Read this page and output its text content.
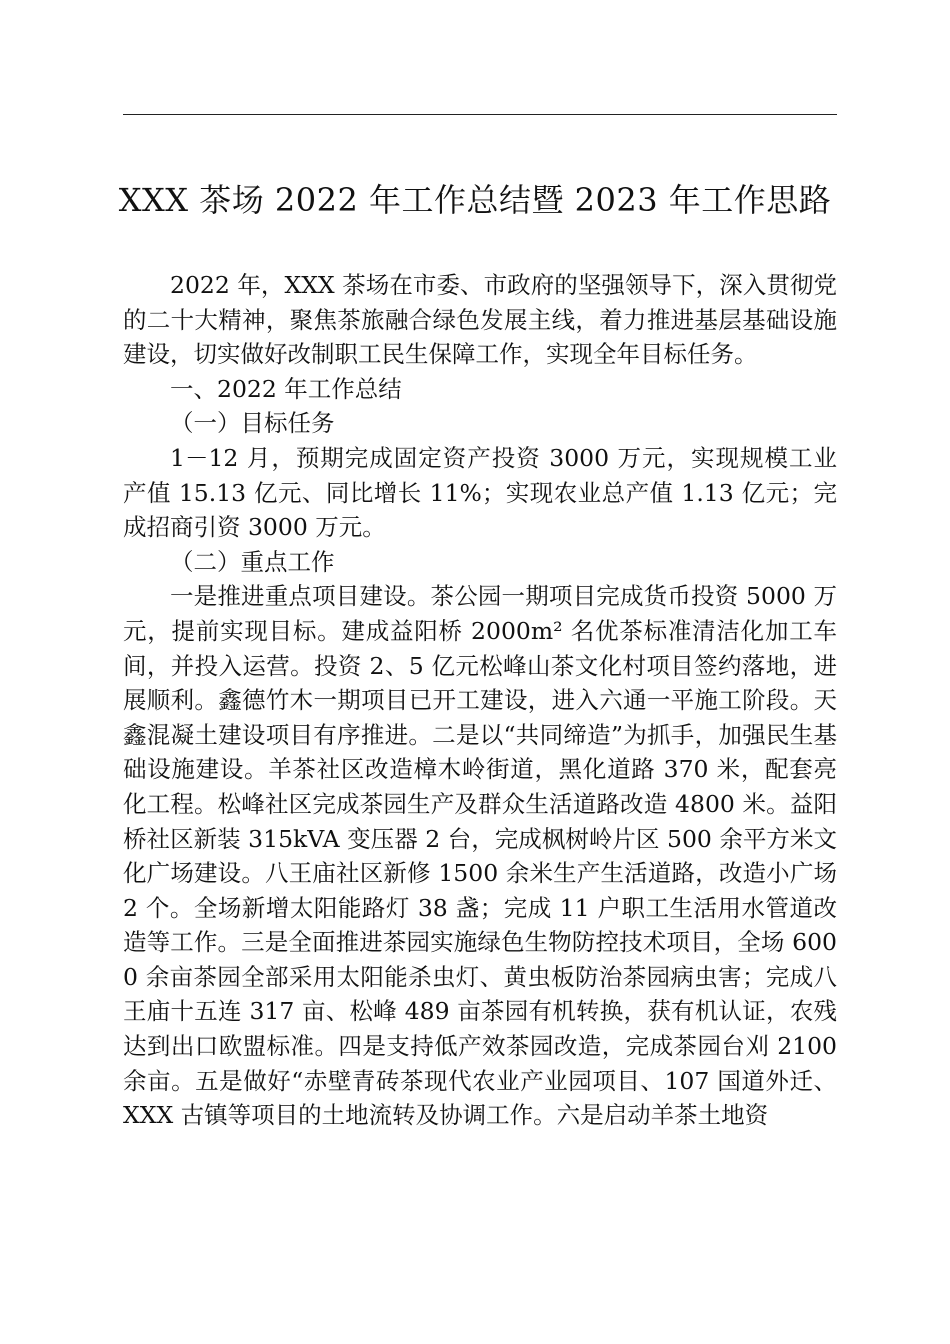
XXX 茶场 2022 年工作总结暨 2023 年工作思路

2022 年，XXX 茶场在市委、市政府的坚强领导下，深入贯彻党的二十大精神，聚焦茶旅融合绿色发展主线，着力推进基层基础设施建设，切实做好改制职工民生保障工作，实现全年目标任务。

一、2022 年工作总结

（一）目标任务

1－12 月，预期完成固定资产投资 3000 万元，实现规模工业产值 15.13 亿元、同比增长 11%；实现农业总产值 1.13 亿元；完成招商引资 3000 万元。

（二）重点工作

一是推进重点项目建设。茶公园一期项目完成货币投资 5000 万元，提前实现目标。建成益阳桥 2000m² 名优茶标准清洁化加工车间，并投入运营。投资 2、5 亿元松峰山茶文化村项目签约落地，进展顺利。鑫德竹木一期项目已开工建设，进入六通一平施工阶段。天鑫混凝土建设项目有序推进。二是以“共同缔造”为抓手，加强民生基础设施建设。羊茶社区改造樟木岭街道，黑化道路 370 米，配套亮化工程。松峰社区完成茶园生产及群众生活道路改造 4800 米。益阳桥社区新装 315kVA 变压器 2 台，完成枫树岭片区 500 余平方米文化广场建设。八王庙社区新修 1500 余米生产生活道路，改造小广场 2 个。全场新增太阳能路灯 38 盏；完成 11 户职工生活用水管道改造等工作。三是全面推进茶园实施绿色生物防控技术项目，全场 6000 余亩茶园全部采用太阳能杀虫灯、黄虫板防治茶园病虫害；完成八王庙十五连 317 亩、松峰 489 亩茶园有机转换，获有机认证，农残达到出口欧盟标准。四是支持低产效茶园改造，完成茶园台刈 2100 余亩。五是做好“赤壁青砖茶现代农业产业园项目、107 国道外迁、XXX 古镇等项目的土地流转及协调工作。六是启动羊茶土地资
